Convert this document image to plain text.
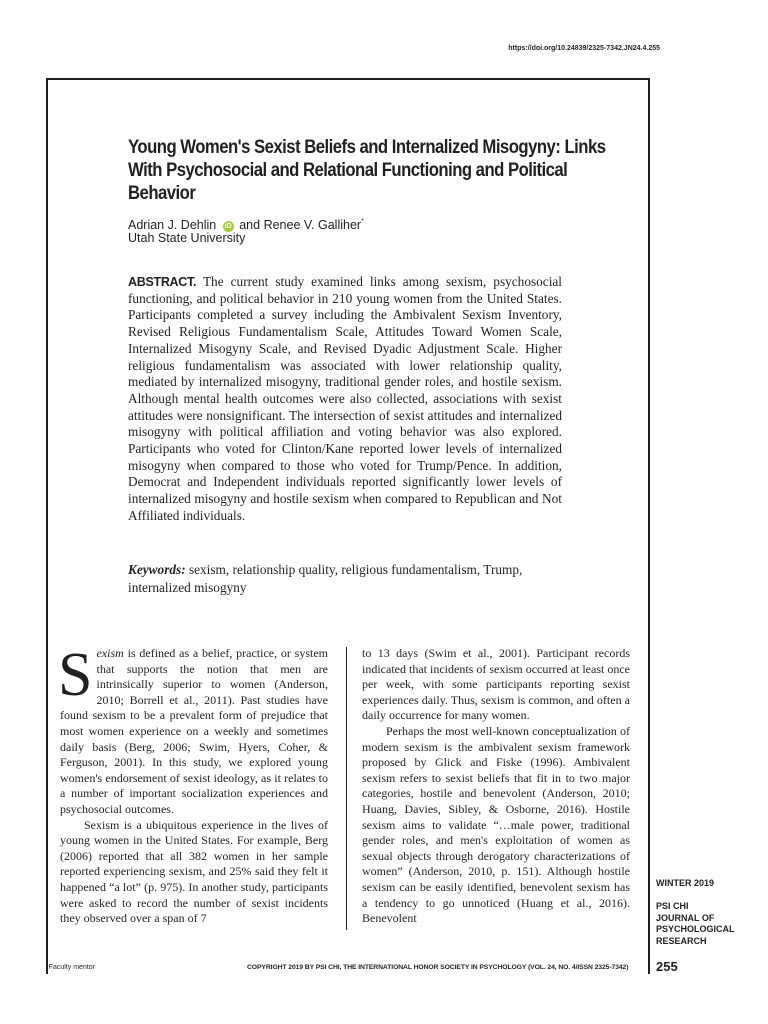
https://doi.org/10.24839/2325-7342.JN24.4.255
Young Women's Sexist Beliefs and Internalized Misogyny: Links With Psychosocial and Relational Functioning and Political Behavior
Adrian J. Dehlin iD and Renee V. Galliher*
Utah State University

ABSTRACT. The current study examined links among sexism, psychosocial functioning, and political behavior in 210 young women from the United States. Participants completed a survey including the Ambivalent Sexism Inventory, Revised Religious Fundamentalism Scale, Attitudes Toward Women Scale, Internalized Misogyny Scale, and Revised Dyadic Adjustment Scale. Higher religious fundamentalism was associated with lower relationship quality, mediated by internalized misogyny, traditional gender roles, and hostile sexism. Although mental health outcomes were also collected, associations with sexist attitudes were nonsignificant. The intersection of sexist attitudes and internalized misogyny with political affiliation and voting behavior was also explored. Participants who voted for Clinton/Kane reported lower levels of internalized misogyny when compared to those who voted for Trump/Pence. In addition, Democrat and Independent individuals reported significantly lower levels of internalized misogyny and hostile sexism when compared to Republican and Not Affiliated individuals.

Keywords: sexism, relationship quality, religious fundamentalism, Trump, internalized misogyny

Sexism is defined as a belief, practice, or system that supports the notion that men are intrinsically superior to women (Anderson, 2010; Borrell et al., 2011). Past studies have found sexism to be a prevalent form of prejudice that most women experience on a weekly and sometimes daily basis (Berg, 2006; Swim, Hyers, Coher, & Ferguson, 2001). In this study, we explored young women's endorsement of sexist ideology, as it relates to a number of important socialization experiences and psychosocial outcomes.

Sexism is a ubiquitous experience in the lives of young women in the United States. For example, Berg (2006) reported that all 382 women in her sample reported experiencing sexism, and 25% said they felt it happened “a lot” (p. 975). In another study, participants were asked to record the number of sexist incidents they observed over a span of 7

to 13 days (Swim et al., 2001). Participant records indicated that incidents of sexism occurred at least once per week, with some participants reporting sexist experiences daily. Thus, sexism is common, and often a daily occurrence for many women.

Perhaps the most well-known conceptualization of modern sexism is the ambivalent sexism framework proposed by Glick and Fiske (1996). Ambivalent sexism refers to sexist beliefs that fit in to two major categories, hostile and benevolent (Anderson, 2010; Huang, Davies, Sibley, & Osborne, 2016). Hostile sexism aims to validate “…male power, traditional gender roles, and men's exploitation of women as sexual objects through derogatory characterizations of women” (Anderson, 2010, p. 151). Although hostile sexism can be easily identified, benevolent sexism has a tendency to go unnoticed (Huang et al., 2016). Benevolent

WINTER 2019
PSI CHI
JOURNAL OF
PSYCHOLOGICAL
RESEARCH
*Faculty mentor	COPYRIGHT 2019 BY PSI CHI, THE INTERNATIONAL HONOR SOCIETY IN PSYCHOLOGY (VOL. 24, NO. 4/ISSN 2325-7342) 255
